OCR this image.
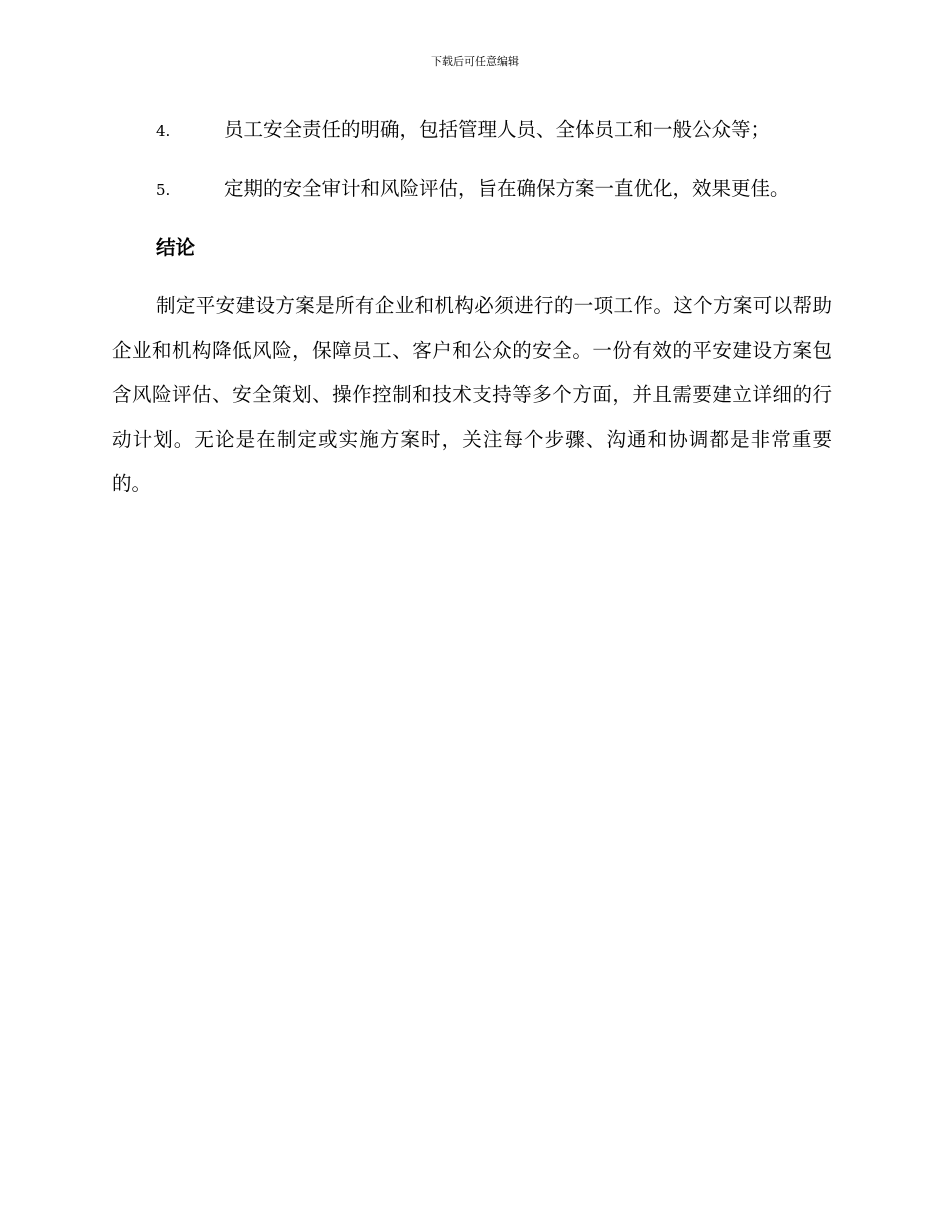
下载后可任意编辑

4.	员工安全责任的明确，包括管理人员、全体员工和一般公众等；

5.	定期的安全审计和风险评估，旨在确保方案一直优化，效果更佳。

结论

制定平安建设方案是所有企业和机构必须进行的一项工作。这个方案可以帮助企业和机构降低风险，保障员工、客户和公众的安全。一份有效的平安建设方案包含风险评估、安全策划、操作控制和技术支持等多个方面，并且需要建立详细的行动计划。无论是在制定或实施方案时，关注每个步骤、沟通和协调都是非常重要的。
